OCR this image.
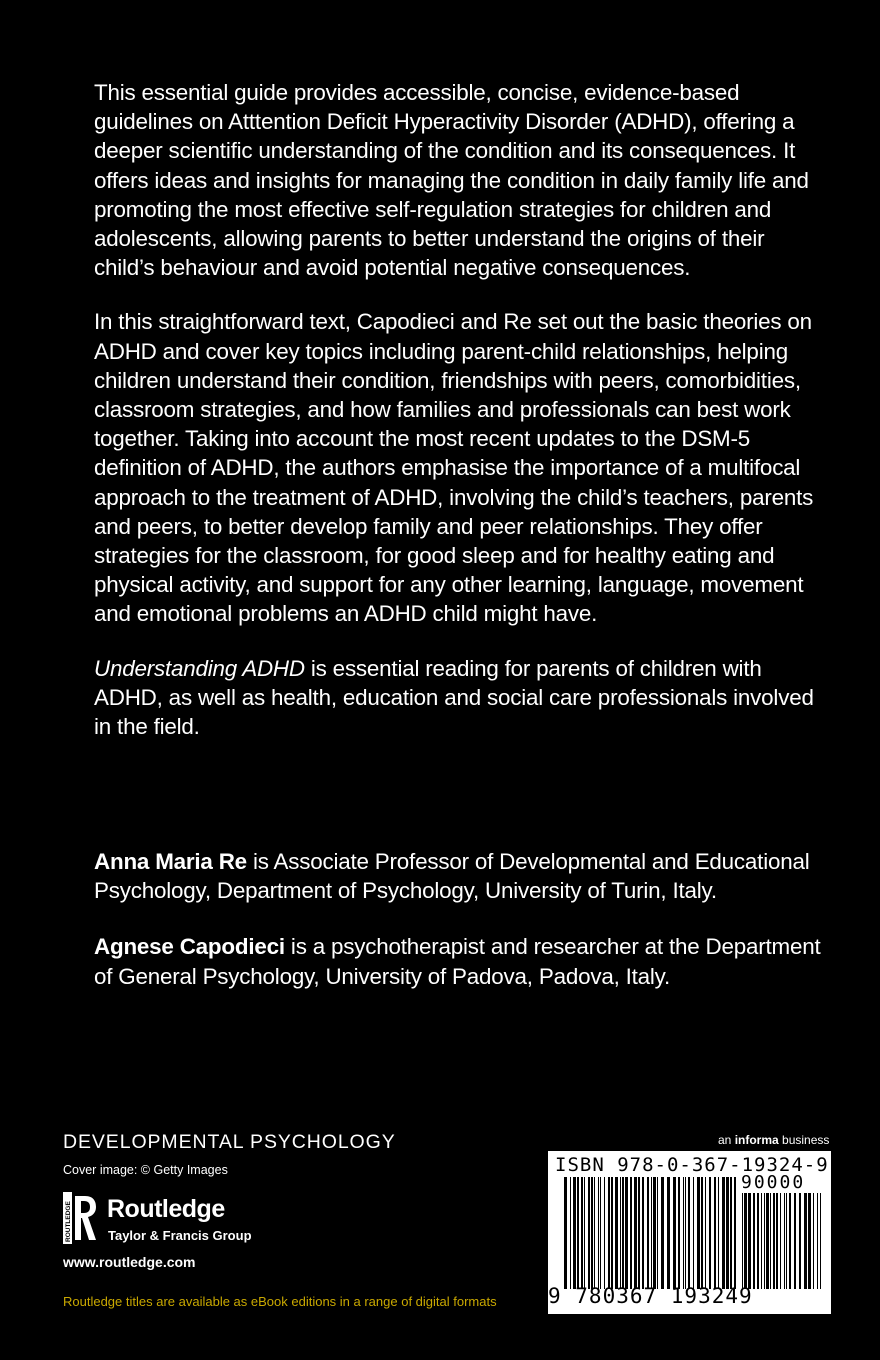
This essential guide provides accessible, concise, evidence-based guidelines on Atttention Deficit Hyperactivity Disorder (ADHD), offering a deeper scientific understanding of the condition and its consequences. It offers ideas and insights for managing the condition in daily family life and promoting the most effective self-regulation strategies for children and adolescents, allowing parents to better understand the origins of their child’s behaviour and avoid potential negative consequences.

In this straightforward text, Capodieci and Re set out the basic theories on ADHD and cover key topics including parent-child relationships, helping children understand their condition, friendships with peers, comorbidities, classroom strategies, and how families and professionals can best work together. Taking into account the most recent updates to the DSM-5 definition of ADHD, the authors emphasise the importance of a multifocal approach to the treatment of ADHD, involving the child’s teachers, parents and peers, to better develop family and peer relationships. They offer strategies for the classroom, for good sleep and for healthy eating and physical activity, and support for any other learning, language, movement and emotional problems an ADHD child might have.

Understanding ADHD is essential reading for parents of children with ADHD, as well as health, education and social care professionals involved in the field.

Anna Maria Re is Associate Professor of Developmental and Educational Psychology, Department of Psychology, University of Turin, Italy.

Agnese Capodieci is a psychotherapist and researcher at the Department of General Psychology, University of Padova, Padova, Italy.

DEVELOPMENTAL PSYCHOLOGY
Cover image: © Getty Images
ROUTLEDGE Routledge
Taylor & Francis Group
www.routledge.com
Routledge titles are available as eBook editions in a range of digital formats
an informa business
ISBN 978-0-367-19324-9
90000
9 780367 193249
